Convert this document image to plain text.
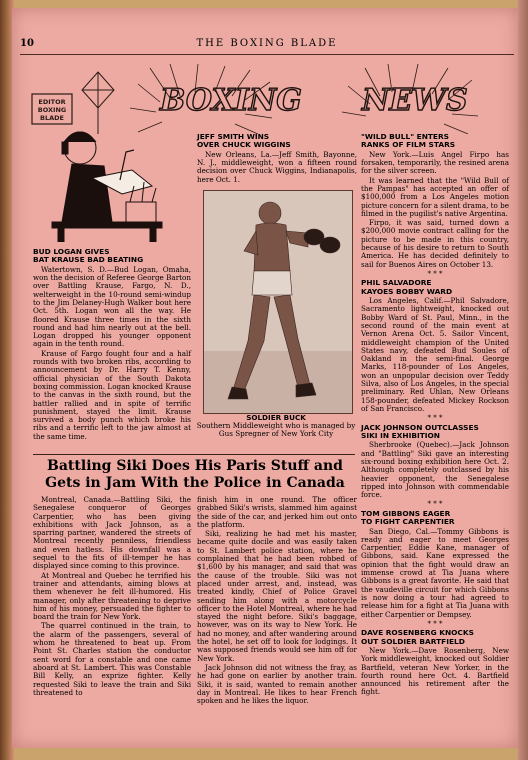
10	THE BOXING BLADE
BOXING NEWS
EDITOR
BOXING
BLADE

BUD LOGAN GIVES
BAT KRAUSE BAD BEATING

Watertown, S. D.—Bud Logan, Omaha, won the decision of Referee George Barton over Battling Krause, Fargo, N. D., welterweight in the 10-round semi-windup to the Jim Delaney-Hugh Walker bout here Oct. 5th. Logan won all the way. He floored Krause three times in the sixth round and had him nearly out at the bell. Logan dropped his younger opponent again in the tenth round.

Krause of Fargo fought four and a half rounds with two broken ribs, according to announcement by Dr. Harry T. Kenny, official physician of the South Dakota boxing commission. Logan knocked Krause to the canvas in the sixth round, but the battler rallied and in spite of terrific punishment, stayed the limit. Krause survived a body punch which broke his ribs and a terrific left to the jaw almost at the same time.

JEFF SMITH WINS
OVER CHUCK WIGGINS

New Orleans, La.—Jeff Smith, Bayonne, N. J., middleweight, won a fifteen round decision over Chuck Wiggins, Indianapolis, here Oct. 1.

SOLDIER BUCK
Southern Middleweight who is managed by Gus Spregner of New York City
Battling Siki Does His Paris Stuff and Gets in Jam With the Police in Canada

Montreal, Canada.—Battling Siki, the Senegalese conqueror of Georges Carpentier, who has been giving exhibitions with Jack Johnson, as a sparring partner, wandered the streets of Montreal recently penniless, friendless and even hatless. His downfall was a sequel to the fits of ill-temper he has displayed since coming to this province.

At Montreal and Quebec he terrified his trainer and attendants, aiming blows at them whenever he felt ill-humored. His manager, only after threatening to deprive him of his money, persuaded the fighter to board the train for New York.

The quarrel continued in the train, to the alarm of the passengers, several of whom he threatened to beat up. From Point St. Charles station the conductor sent word for a constable and one came aboard at St. Lambert. This was Constable Bill Kelly, an exprize fighter. Kelly requested Siki to leave the train and Siki threatened to

finish him in one round. The officer grabbed Siki's wrists, slammed him against the side of the car, and jerked him out onto the platform.

Siki, realizing he had met his master, became quite docile and was easily taken to St. Lambert police station, where he complained that he had been robbed of $1,600 by his manager, and said that was the cause of the trouble. Siki was not placed under arrest, and, instead, was treated kindly, Chief of Police Gravel sending him along with a motorcycle officer to the Hotel Montreal, where he had stayed the night before. Siki's baggage, however, was on its way to New York. He had no money, and after wandering around the hotel, he set off to look for lodgings. It was supposed friends would see him off for New York.

Jack Johnson did not witness the fray, as he had gone on earlier by another train. Siki, it is said, wanted to remain another day in Montreal. He likes to hear French spoken and he likes the liquor.

"WILD BULL" ENTERS
RANKS OF FILM STARS

New York.—Luis Angel Firpo has forsaken, temporarily, the resined arena for the silver screen.

It was learned that the "Wild Bull of the Pampas" has accepted an offer of $100,000 from a Los Angeles motion picture concern for a silent drama, to be filmed in the pugilist's native Argentina.

Firpo, it was said, turned down a $200,000 movie contract calling for the picture to be made in this country, because of his desire to return to South America. He has decided definitely to sail for Buenos Aires on October 13.

* * *

PHIL SALVADORE
KAYOES BOBBY WARD

Los Angeles, Calif.—Phil Salvadore, Sacramento lightweight, knocked out Bobby Ward of St. Paul, Minn., in the second round of the main event at Vernon Arena Oct. 5. Sailor Vincent, middleweight champion of the United States navy, defeated Bud Soules of Oakland in the semi-final. George Marks, 118-pounder of Los Angeles, won an unpopular decision over Teddy Silva, also of Los Angeles, in the special preliminary. Red Uhlan, New Orleans 158-pounder, defeated Mickey Rockson of San Francisco.

* * *

JACK JOHNSON OUTCLASSES
SIKI IN EXHIBITION

Sherbrooke (Quebec).—Jack Johnson and "Battling" Siki gave an interesting six-round boxing exhibition here Oct. 2. Although completely outclassed by his heavier opponent, the Senegalese ripped into Johnson with commendable force.

* * *

TOM GIBBONS EAGER
TO FIGHT CARPENTIER

San Diego, Cal.—Tommy Gibbons is ready and eager to meet Georges Carpentier, Eddie Kane, manager of Gibbons, said. Kane expressed the opinion that the fight would draw an immense crowd at Tia Juana where Gibbons is a great favorite. He said that the vaudeville circuit for which Gibbons is now doing a tour had agreed to release him for a fight at Tia Juana with either Carpentier or Dempsey.

* * *

DAVE ROSENBERG KNOCKS
OUT SOLDIER BARTFIELD

New York.—Dave Rosenberg, New York middleweight, knocked out Soldier Bartfield, veteran New Yorker, in the fourth round here Oct. 4. Bartfield announced his retirement after the fight.
